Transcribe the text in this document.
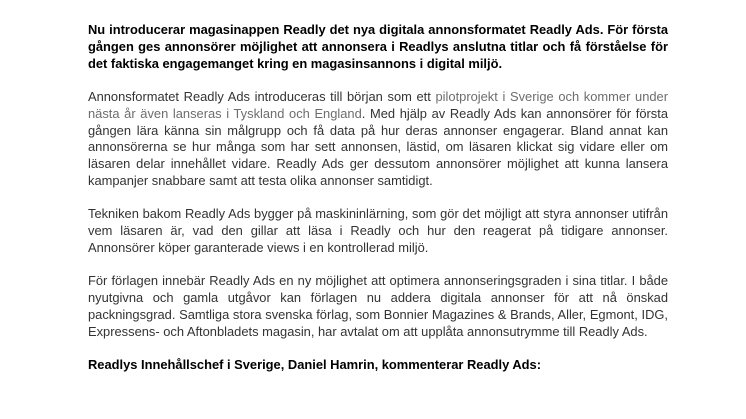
Nu introducerar magasinappen Readly det nya digitala annonsformatet Readly Ads. För första gången ges annonsörer möjlighet att annonsera i Readlys anslutna titlar och få förståelse för det faktiska engagemanget kring en magasinsannons i digital miljö.

Annonsformatet Readly Ads introduceras till början som ett pilotprojekt i Sverige och kommer under nästa år även lanseras i Tyskland och England. Med hjälp av Readly Ads kan annonsörer för första gången lära känna sin målgrupp och få data på hur deras annonser engagerar. Bland annat kan annonsörerna se hur många som har sett annonsen, lästid, om läsaren klickat sig vidare eller om läsaren delar innehållet vidare. Readly Ads ger dessutom annonsörer möjlighet att kunna lansera kampanjer snabbare samt att testa olika annonser samtidigt.

Tekniken bakom Readly Ads bygger på maskininlärning, som gör det möjligt att styra annonser utifrån vem läsaren är, vad den gillar att läsa i Readly och hur den reagerat på tidigare annonser. Annonsörer köper garanterade views i en kontrollerad miljö.

För förlagen innebär Readly Ads en ny möjlighet att optimera annonseringsgraden i sina titlar. I både nyutgivna och gamla utgåvor kan förlagen nu addera digitala annonser för att nå önskad packningsgrad. Samtliga stora svenska förlag, som Bonnier Magazines & Brands, Aller, Egmont, IDG, Expressens- och Aftonbladets magasin, har avtalat om att upplåta annonsutrymme till Readly Ads.

Readlys Innehållschef i Sverige, Daniel Hamrin, kommenterar Readly Ads:
